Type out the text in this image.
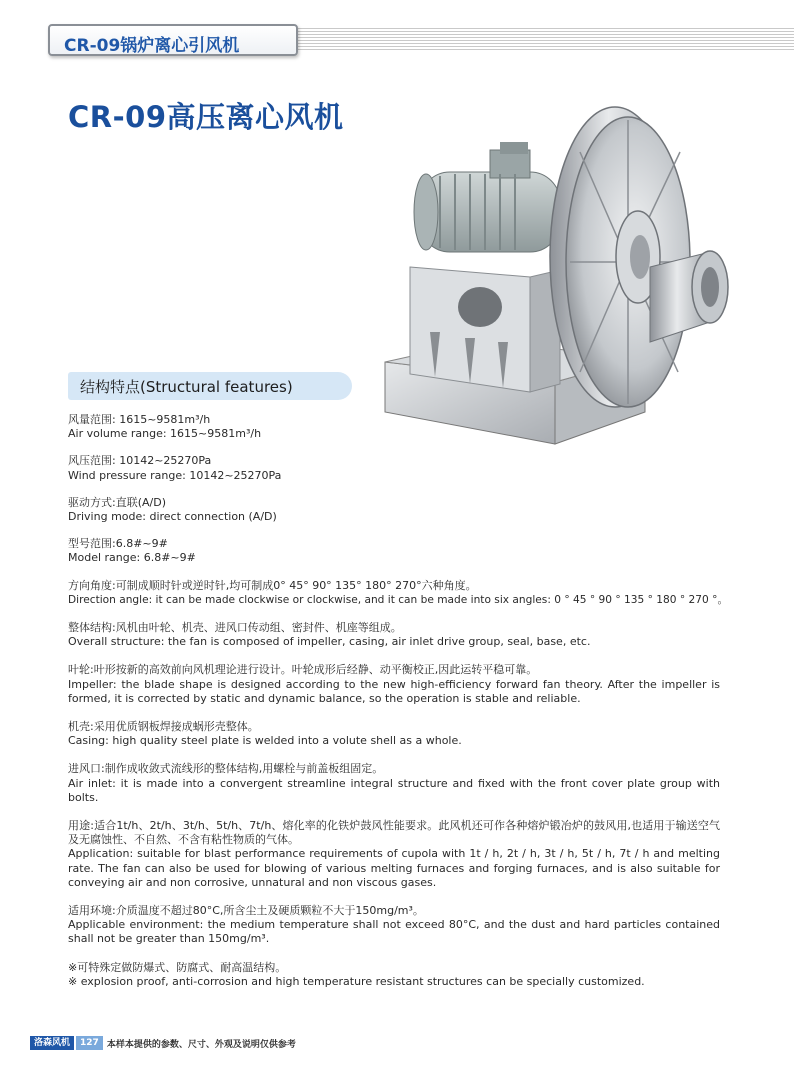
CR-09锅炉离心引风机
CR-09高压离心风机
结构特点(Structural features)
风量范围: 1615~9581m³/h
Air volume range: 1615~9581m³/h
风压范围: 10142~25270Pa
Wind pressure range: 10142~25270Pa
驱动方式:直联(A/D)
Driving mode: direct connection (A/D)
型号范围:6.8#~9#
Model range: 6.8#~9#
方向角度:可制成顺时针或逆时针,均可制成0° 45° 90° 135° 180° 270°六种角度。
Direction angle: it can be made clockwise or clockwise, and it can be made into six angles: 0 ° 45 ° 90 ° 135 ° 180 ° 270 °。
整体结构:风机由叶轮、机壳、进风口传动组、密封件、机座等组成。
Overall structure: the fan is composed of impeller, casing, air inlet drive group, seal, base, etc.
叶轮:叶形按新的高效前向风机理论进行设计。叶轮成形后经静、动平衡校正,因此运转平稳可靠。
Impeller: the blade shape is designed according to the new high-efficiency forward fan theory. After the impeller is formed, it is corrected by static and dynamic balance, so the operation is stable and reliable.
机壳:采用优质钢板焊接成蜗形壳整体。
Casing: high quality steel plate is welded into a volute shell as a whole.
进风口:制作成收敛式流线形的整体结构,用螺栓与前盖板组固定。
Air inlet: it is made into a convergent streamline integral structure and fixed with the front cover plate group with bolts.
用途:适合1t/h、2t/h、3t/h、5t/h、7t/h、熔化率的化铁炉鼓风性能要求。此风机还可作各种熔炉锻冶炉的鼓风用,也适用于输送空气及无腐蚀性、不自然、不含有粘性物质的气体。
Application: suitable for blast performance requirements of cupola with 1t / h, 2t / h, 3t / h, 5t / h, 7t / h and melting rate. The fan can also be used for blowing of various melting furnaces and forging furnaces, and is also suitable for conveying air and non corrosive, unnatural and non viscous gases.
适用环境:介质温度不超过80°C,所含尘土及硬质颗粒不大于150mg/m³。
Applicable environment: the medium temperature shall not exceed 80°C, and the dust and hard particles contained shall not be greater than 150mg/m³.
※可特殊定做防爆式、防腐式、耐高温结构。
※ explosion proof, anti-corrosion and high temperature resistant structures can be specially customized.
洛森风机	127 本样本提供的参数、尺寸、外观及说明仅供参考
